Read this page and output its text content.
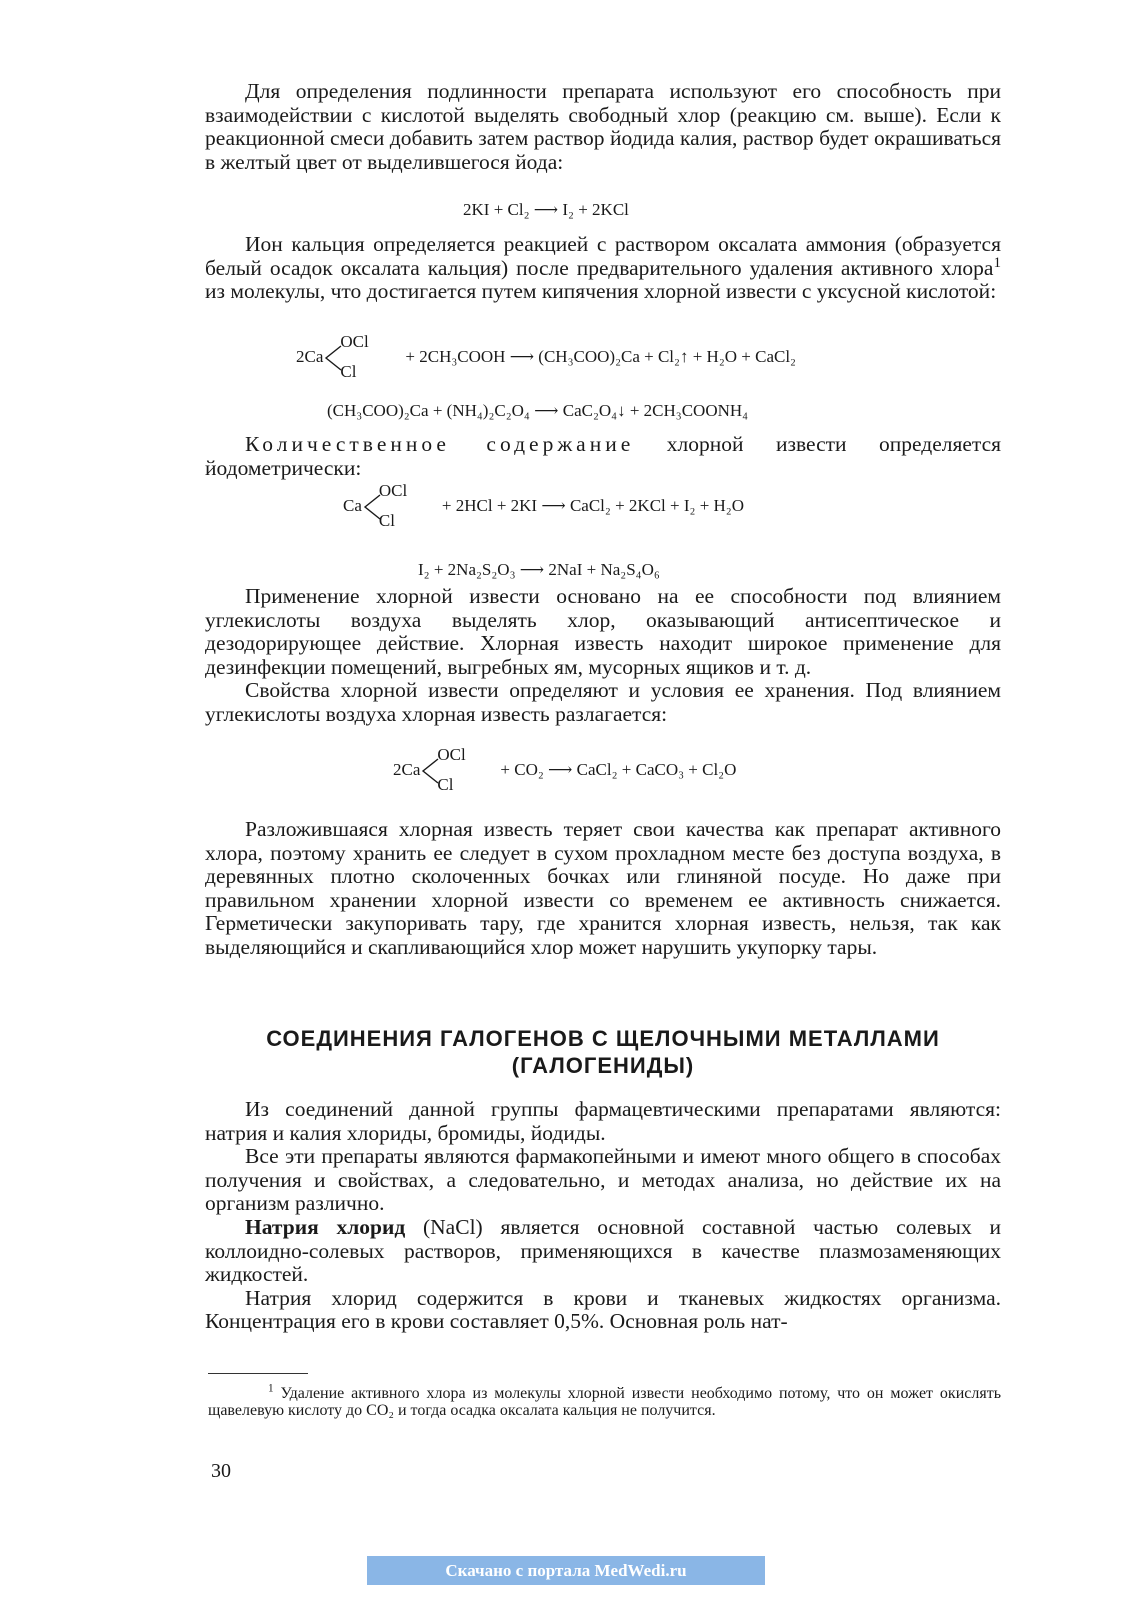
Для определения подлинности препарата используют его способность при взаимодействии с кислотой выделять свободный хлор (реакцию см. выше). Если к реакционной смеси добавить затем раствор йодида калия, раствор будет окрашиваться в желтый цвет от выделившегося йода:

2KI + Cl₂ ⟶ I₂ + 2KCl

Ион кальция определяется реакцией с раствором оксалата аммония (образуется белый осадок оксалата кальция) после предварительного удаления активного хлора$^1$ из молекулы, что достигается путем кипячения хлорной извести с уксусной кислотой:

2Ca
OCl
Cl
+ 2CH₃COOH ⟶ (CH₃COO)₂Ca + Cl₂↑ + H₂O + CaCl₂
(CH₃COO)₂Ca + (NH₄)₂C₂O₄ ⟶ CaC₂O₄↓ + 2CH₃COONH₄

Количественное содержание хлорной извести определяется йодометрически:

Ca
OCl
Cl
+ 2HCl + 2KI ⟶ CaCl₂ + 2KCl + I₂ + H₂O
I₂ + 2Na₂S₂O₃ ⟶ 2NaI + Na₂S₄O₆

Применение хлорной извести основано на ее способности под влиянием углекислоты воздуха выделять хлор, оказывающий антисептическое и дезодорирующее действие. Хлорная известь находит широкое применение для дезинфекции помещений, выгребных ям, мусорных ящиков и т. д.

Свойства хлорной извести определяют и условия ее хранения. Под влиянием углекислоты воздуха хлорная известь разлагается:

2Ca
OCl
Cl
+ CO₂ ⟶ CaCl₂ + CaCO₃ + Cl₂O

Разложившаяся хлорная известь теряет свои качества как препарат активного хлора, поэтому хранить ее следует в сухом прохладном месте без доступа воздуха, в деревянных плотно сколоченных бочках или глиняной посуде. Но даже при правильном хранении хлорной извести со временем ее активность снижается. Герметически закупоривать тару, где хранится хлорная известь, нельзя, так как выделяющийся и скапливающийся хлор может нарушить укупорку тары.

СОЕДИНЕНИЯ ГАЛОГЕНОВ С ЩЕЛОЧНЫМИ МЕТАЛЛАМИ
(ГАЛОГЕНИДЫ)

Из соединений данной группы фармацевтическими препаратами являются: натрия и калия хлориды, бромиды, йодиды.

Все эти препараты являются фармакопейными и имеют много общего в способах получения и свойствах, а следовательно, и методах анализа, но действие их на организм различно.

Натрия хлорид (NaCl) является основной составной частью солевых и коллоидно-солевых растворов, применяющихся в качестве плазмозаменяющих жидкостей.

Натрия хлорид содержится в крови и тканевых жидкостях организма. Концентрация его в крови составляет 0,5%. Основная роль нат-

$^1$ Удаление активного хлора из молекулы хлорной извести необходимо потому, что он может окислять щавелевую кислоту до CO₂ и тогда осадка оксалата кальция не получится.

30
Скачано с портала MedWedi.ru
